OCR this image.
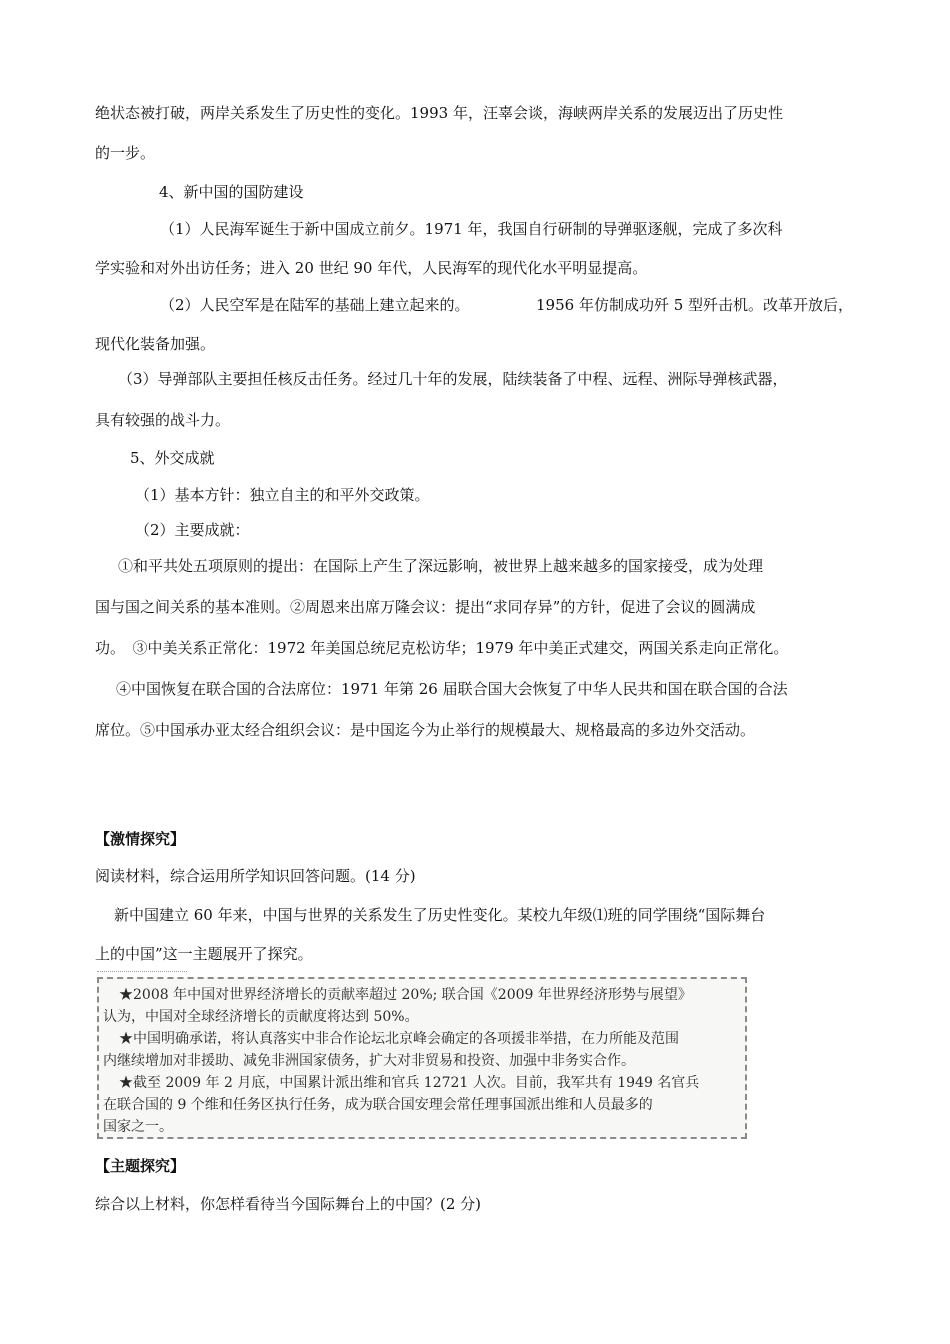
绝状态被打破，两岸关系发生了历史性的变化。1993 年，汪辜会谈，海峡两岸关系的发展迈出了历史性
的一步。
4、新中国的国防建设
（1）人民海军诞生于新中国成立前夕。1971 年，我国自行研制的导弹驱逐舰，完成了多次科
学实验和对外出访任务；进入 20 世纪 90 年代，人民海军的现代化水平明显提高。
（2）人民空军是在陆军的基础上建立起来的。	1956 年仿制成功歼 5 型歼击机。改革开放后，
现代化装备加强。
（3）导弹部队主要担任核反击任务。经过几十年的发展，陆续装备了中程、远程、洲际导弹核武器，
具有较强的战斗力。
5、外交成就
（1）基本方针：独立自主的和平外交政策。
（2）主要成就：
①和平共处五项原则的提出：在国际上产生了深远影响，被世界上越来越多的国家接受，成为处理
国与国之间关系的基本准则。②周恩来出席万隆会议：提出“求同存异”的方针，促进了会议的圆满成
功。　③中美关系正常化：1972 年美国总统尼克松访华；1979 年中美正式建交，两国关系走向正常化。
④中国恢复在联合国的合法席位：1971 年第 26 届联合国大会恢复了中华人民共和国在联合国的合法
席位。⑤中国承办亚太经合组织会议：是中国迄今为止举行的规模最大、规格最高的多边外交活动。
【激情探究】
阅读材料，综合运用所学知识回答问题。(14 分)
新中国建立 60 年来，中国与世界的关系发生了历史性变化。某校九年级⑴班的同学围绕“国际舞台
上的中国”这一主题展开了探究。
★2008 年中国对世界经济增长的贡献率超过 20%; 联合国《2009 年世界经济形势与展望》
认为，中国对全球经济增长的贡献度将达到 50%。
★中国明确承诺，将认真落实中非合作论坛北京峰会确定的各项援非举措，在力所能及范围
内继续增加对非援助、减免非洲国家债务，扩大对非贸易和投资、加强中非务实合作。
★截至 2009 年 2 月底，中国累计派出维和官兵 12721 人次。目前，我军共有 1949 名官兵
在联合国的 9 个维和任务区执行任务，成为联合国安理会常任理事国派出维和人员最多的
国家之一。
【主题探究】
综合以上材料，你怎样看待当今国际舞台上的中国？(2 分)
